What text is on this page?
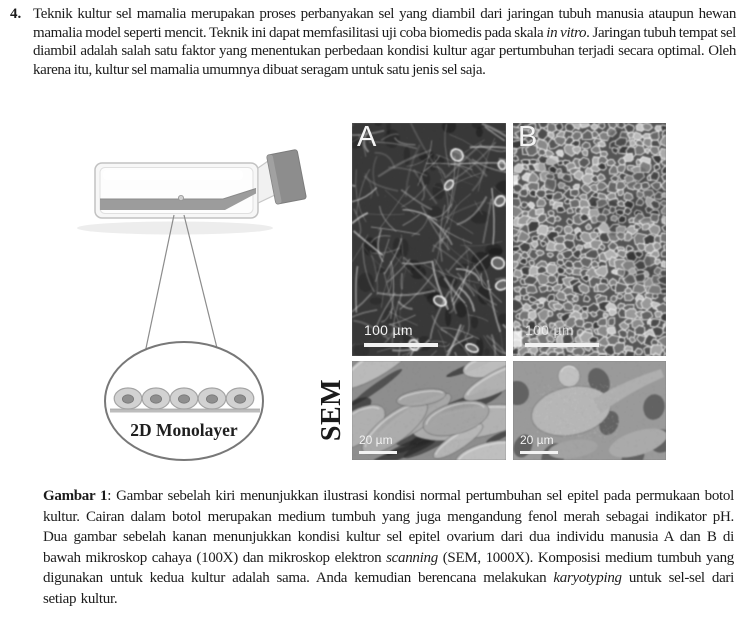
4. Teknik kultur sel mamalia merupakan proses perbanyakan sel yang diambil dari jaringan tubuh manusia ataupun hewan mamalia model seperti mencit. Teknik ini dapat memfasilitasi uji coba biomedis pada skala in vitro. Jaringan tubuh tempat sel diambil adalah salah satu faktor yang menentukan perbedaan kondisi kultur agar pertumbuhan terjadi secara optimal. Oleh karena itu, kultur sel mamalia umumnya dibuat seragam untuk satu jenis sel saja.
2D Monolayer
A
100 µm
B
100 µm
20 µm	20 µm
SEM
Gambar 1: Gambar sebelah kiri menunjukkan ilustrasi kondisi normal pertumbuhan sel epitel pada permukaan botol kultur. Cairan dalam botol merupakan medium tumbuh yang juga mengandung fenol merah sebagai indikator pH. Dua gambar sebelah kanan menunjukkan kondisi kultur sel epitel ovarium dari dua individu manusia A dan B di bawah mikroskop cahaya (100X) dan mikroskop elektron scanning (SEM, 1000X). Komposisi medium tumbuh yang digunakan untuk kedua kultur adalah sama. Anda kemudian berencana melakukan karyotyping untuk sel-sel dari setiap kultur.
